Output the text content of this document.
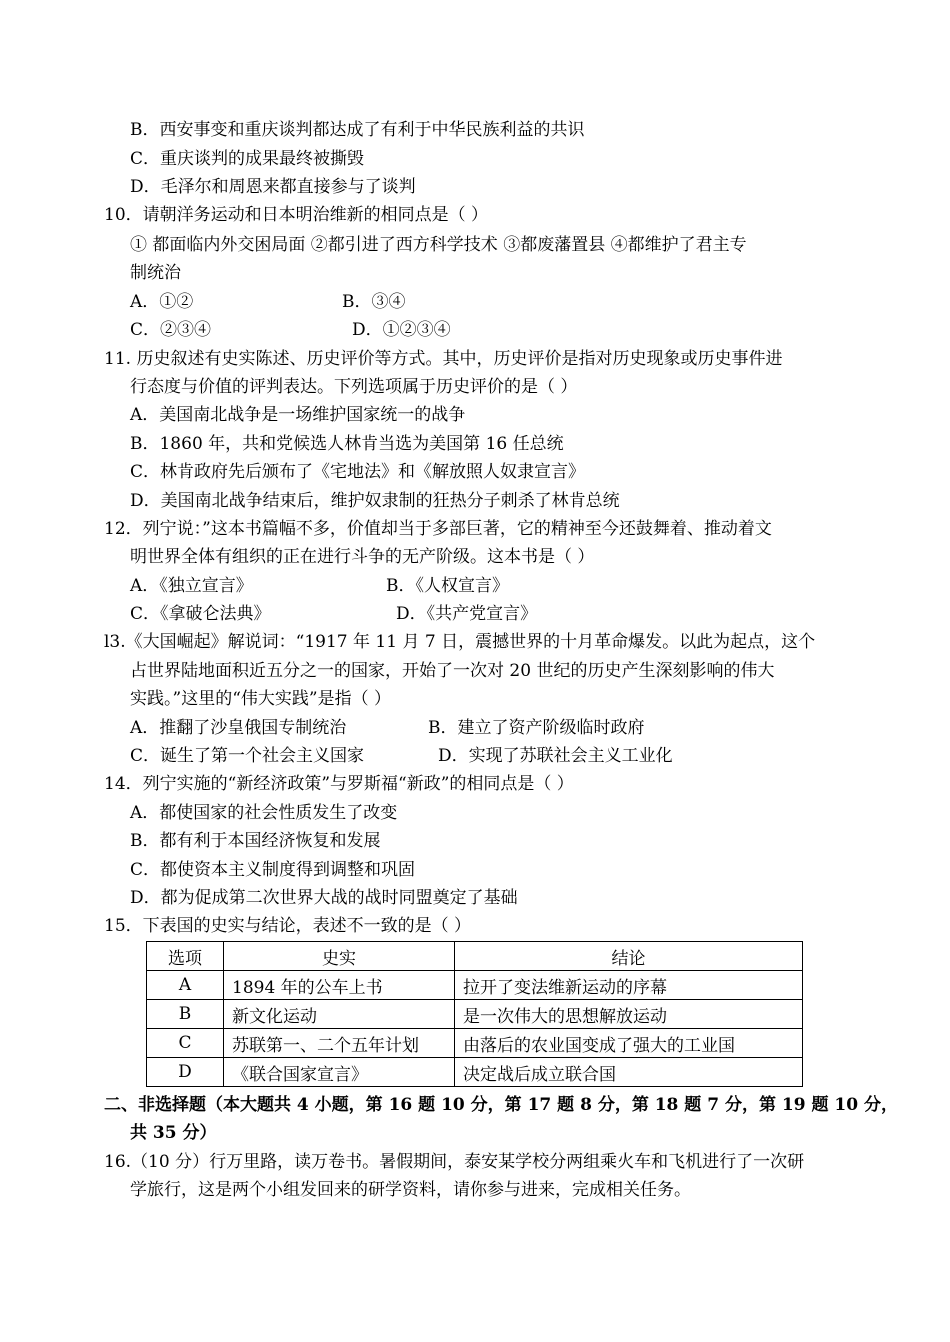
B．西安事变和重庆谈判都达成了有利于中华民族利益的共识
C．重庆谈判的成果最终被撕毁
D．毛泽尔和周恩来都直接参与了谈判
10．请朝洋务运动和日本明治维新的相同点是（ ）
① 都面临内外交困局面 ②都引进了西方科学技术 ③都废藩置县 ④都维护了君主专
制统治
A．①②	B．③④
C．②③④	D．①②③④
11. 历史叙述有史实陈述、历史评价等方式。其中，历史评价是指对历史现象或历史事件进
行态度与价值的评判表达。下列选项属于历史评价的是（ ）
A．美国南北战争是一场维护国家统一的战争
B．1860 年，共和党候选人林肯当选为美国第 16 任总统
C．林肯政府先后颁布了《宅地法》和《解放照人奴隶宣言》
D．美国南北战争结束后，维护奴隶制的狂热分子刺杀了林肯总统
12．列宁说：”这本书篇幅不多，价值却当于多部巨著，它的精神至今还鼓舞着、推动着文
明世界全体有组织的正在进行斗争的无产阶级。这本书是（ ）
A．《独立宣言》	B．《人权宣言》
C．《拿破仑法典》	D．《共产党宣言》
l3.《大国崛起》解说词：“1917 年 11 月 7 日，震撼世界的十月革命爆发。以此为起点，这个
占世界陆地面积近五分之一的国家，开始了一次对 20 世纪的历史产生深刻影响的伟大
实践。”这里的“伟大实践”是指（ ）
A．推翻了沙皇俄国专制统治	B．建立了资产阶级临时政府
C．诞生了第一个社会主义国家	D．实现了苏联社会主义工业化
14．列宁实施的“新经济政策”与罗斯福“新政”的相同点是（ ）
A．都使国家的社会性质发生了改变
B．都有利于本国经济恢复和发展
C．都使资本主义制度得到调整和巩固
D．都为促成第二次世界大战的战时同盟奠定了基础
15．下表国的史实与结论，表述不一致的是（ ）
选项	史实	结论
A	1894 年的公车上书	拉开了变法维新运动的序幕
B	新文化运动	是一次伟大的思想解放运动
C	苏联第一、二个五年计划	由落后的农业国变成了强大的工业国
D	《联合国家宣言》	决定战后成立联合国
二、非选择题（本大题共 4 小题，第 16 题 10 分，第 17 题 8 分，第 18 题 7 分，第 19 题 10 分，
共 35 分）
16.（10 分）行万里路，读万卷书。暑假期间，泰安某学校分两组乘火车和飞机进行了一次研
学旅行，这是两个小组发回来的研学资料，请你参与进来，完成相关任务。
